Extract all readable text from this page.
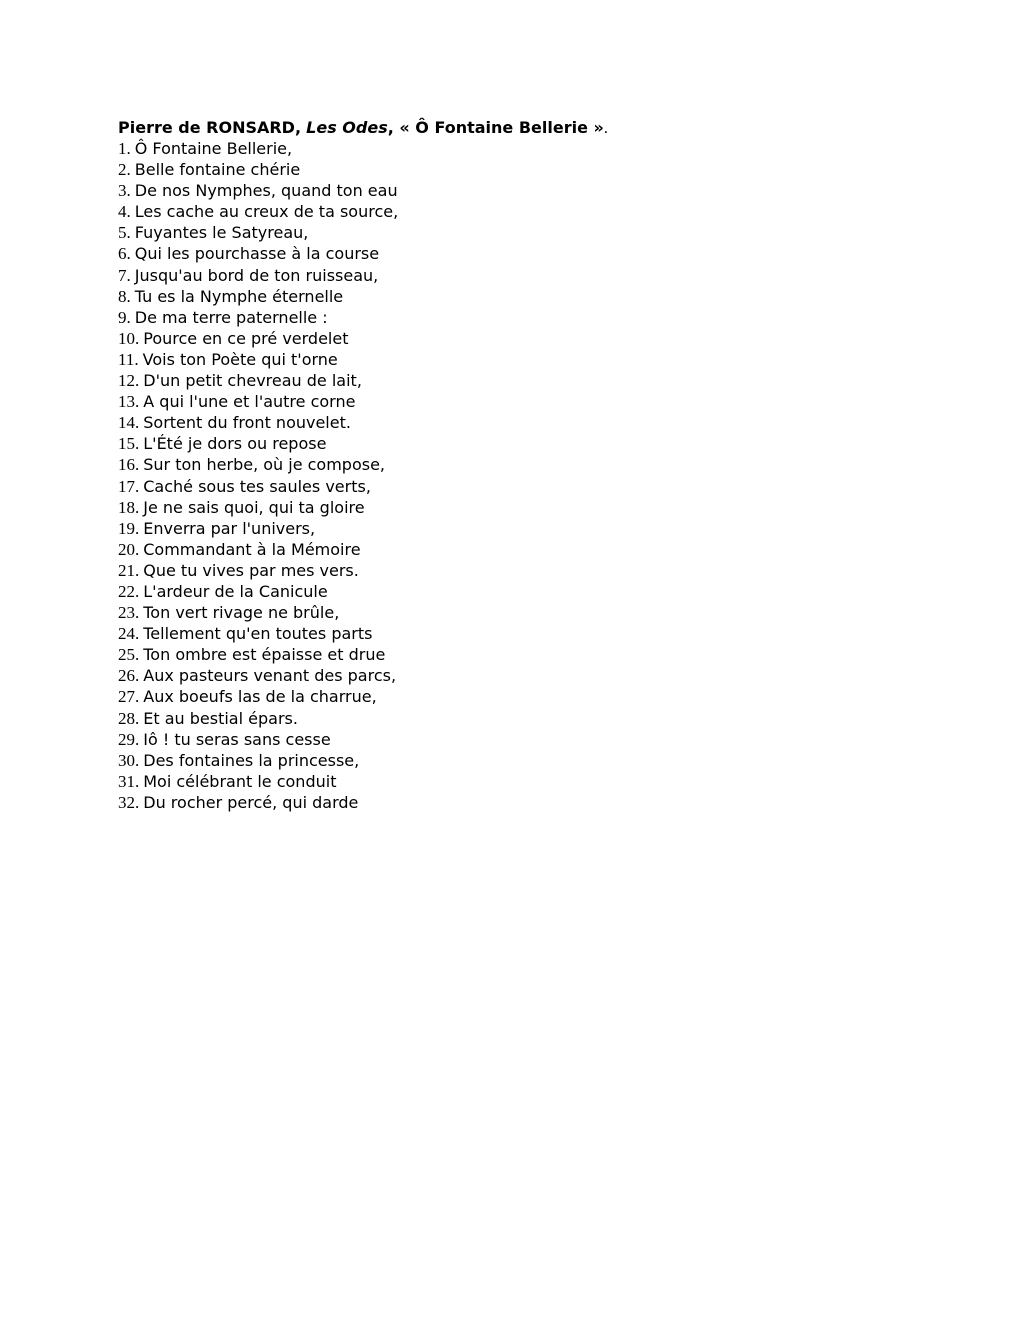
Pierre de RONSARD, Les Odes, « Ô Fontaine Bellerie ».
1. Ô Fontaine Bellerie,
2. Belle fontaine chérie
3. De nos Nymphes, quand ton eau
4. Les cache au creux de ta source,
5. Fuyantes le Satyreau,
6. Qui les pourchasse à la course
7. Jusqu'au bord de ton ruisseau,
8. Tu es la Nymphe éternelle
9. De ma terre paternelle :
10. Pource en ce pré verdelet
11. Vois ton Poète qui t'orne
12. D'un petit chevreau de lait,
13. A qui l'une et l'autre corne
14. Sortent du front nouvelet.
15. L'Été je dors ou repose
16. Sur ton herbe, où je compose,
17. Caché sous tes saules verts,
18. Je ne sais quoi, qui ta gloire
19. Enverra par l'univers,
20. Commandant à la Mémoire
21. Que tu vives par mes vers.
22. L'ardeur de la Canicule
23. Ton vert rivage ne brûle,
24. Tellement qu'en toutes parts
25. Ton ombre est épaisse et drue
26. Aux pasteurs venant des parcs,
27. Aux boeufs las de la charrue,
28. Et au bestial épars.
29. Iô ! tu seras sans cesse
30. Des fontaines la princesse,
31. Moi célébrant le conduit
32. Du rocher percé, qui darde
